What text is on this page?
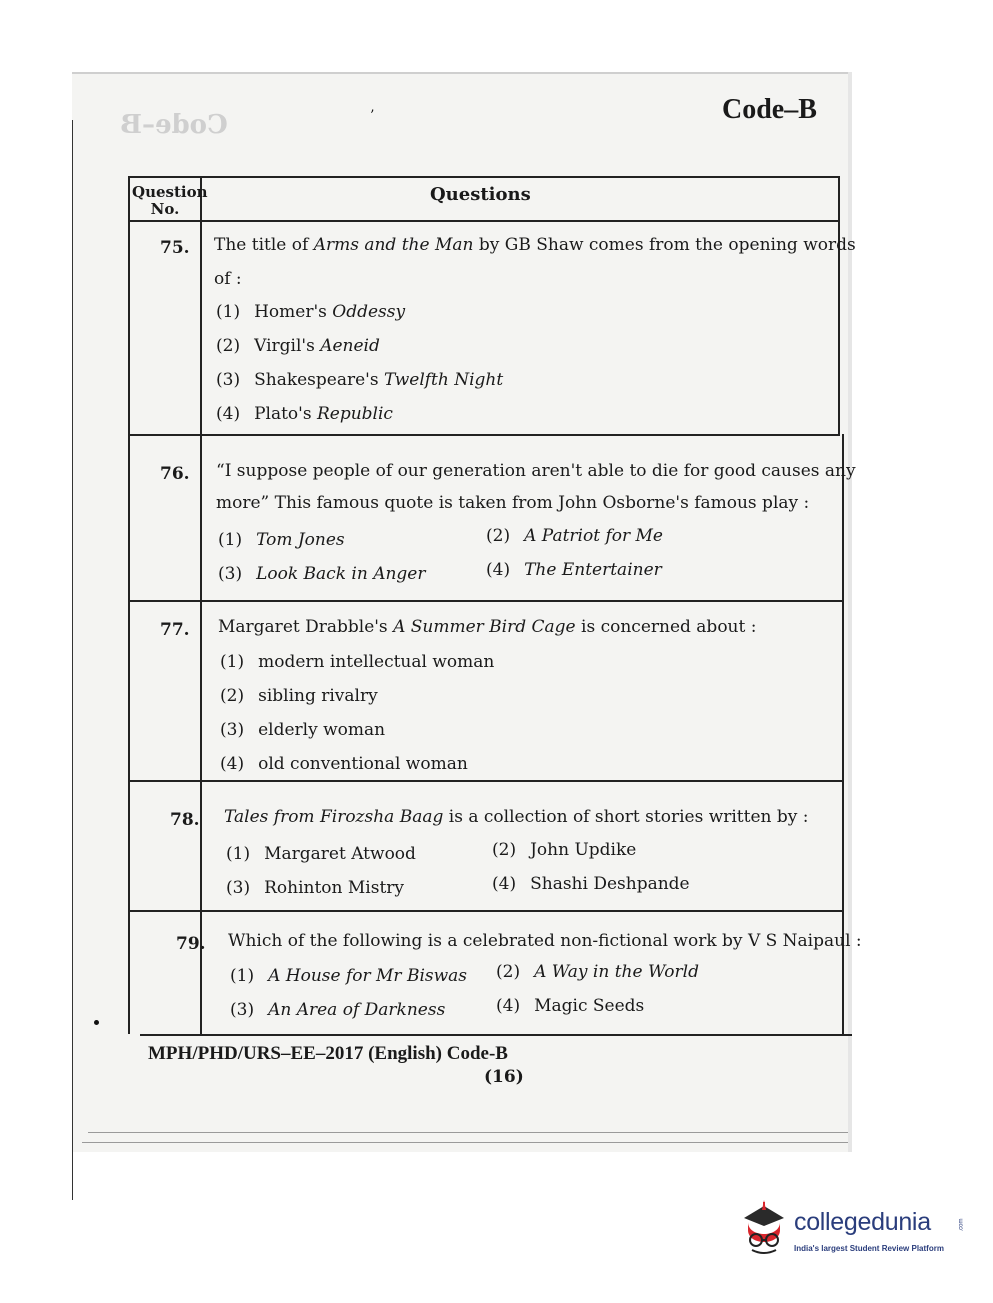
Code–B	’	Code–B
Question No.
Questions
75. The title of Arms and the Man by GB Shaw comes from the opening words
of :
(1) Homer's Oddessy
(2) Virgil's Aeneid
(3) Shakespeare's Twelfth Night
(4) Plato's Republic
76. “I suppose people of our generation aren't able to die for good causes any
more” This famous quote is taken from John Osborne's famous play :
(1) Tom Jones	(2) A Patriot for Me
(3) Look Back in Anger	(4) The Entertainer
77. Margaret Drabble's A Summer Bird Cage is concerned about :
(1) modern intellectual woman
(2) sibling rivalry
(3) elderly woman
(4) old conventional woman
78. Tales from Firozsha Baag is a collection of short stories written by :
(1) Margaret Atwood	(2) John Updike
(3) Rohinton Mistry	(4) Shashi Deshpande
79. Which of the following is a celebrated non-fictional work by V S Naipaul :
(1) A House for Mr Biswas (2) A Way in the World
(3) An Area of Darkness	(4) Magic Seeds
MPH/PHD/URS–EE–2017 (English) Code-B
(16)
collegedunia	.com
India's largest Student Review Platform
